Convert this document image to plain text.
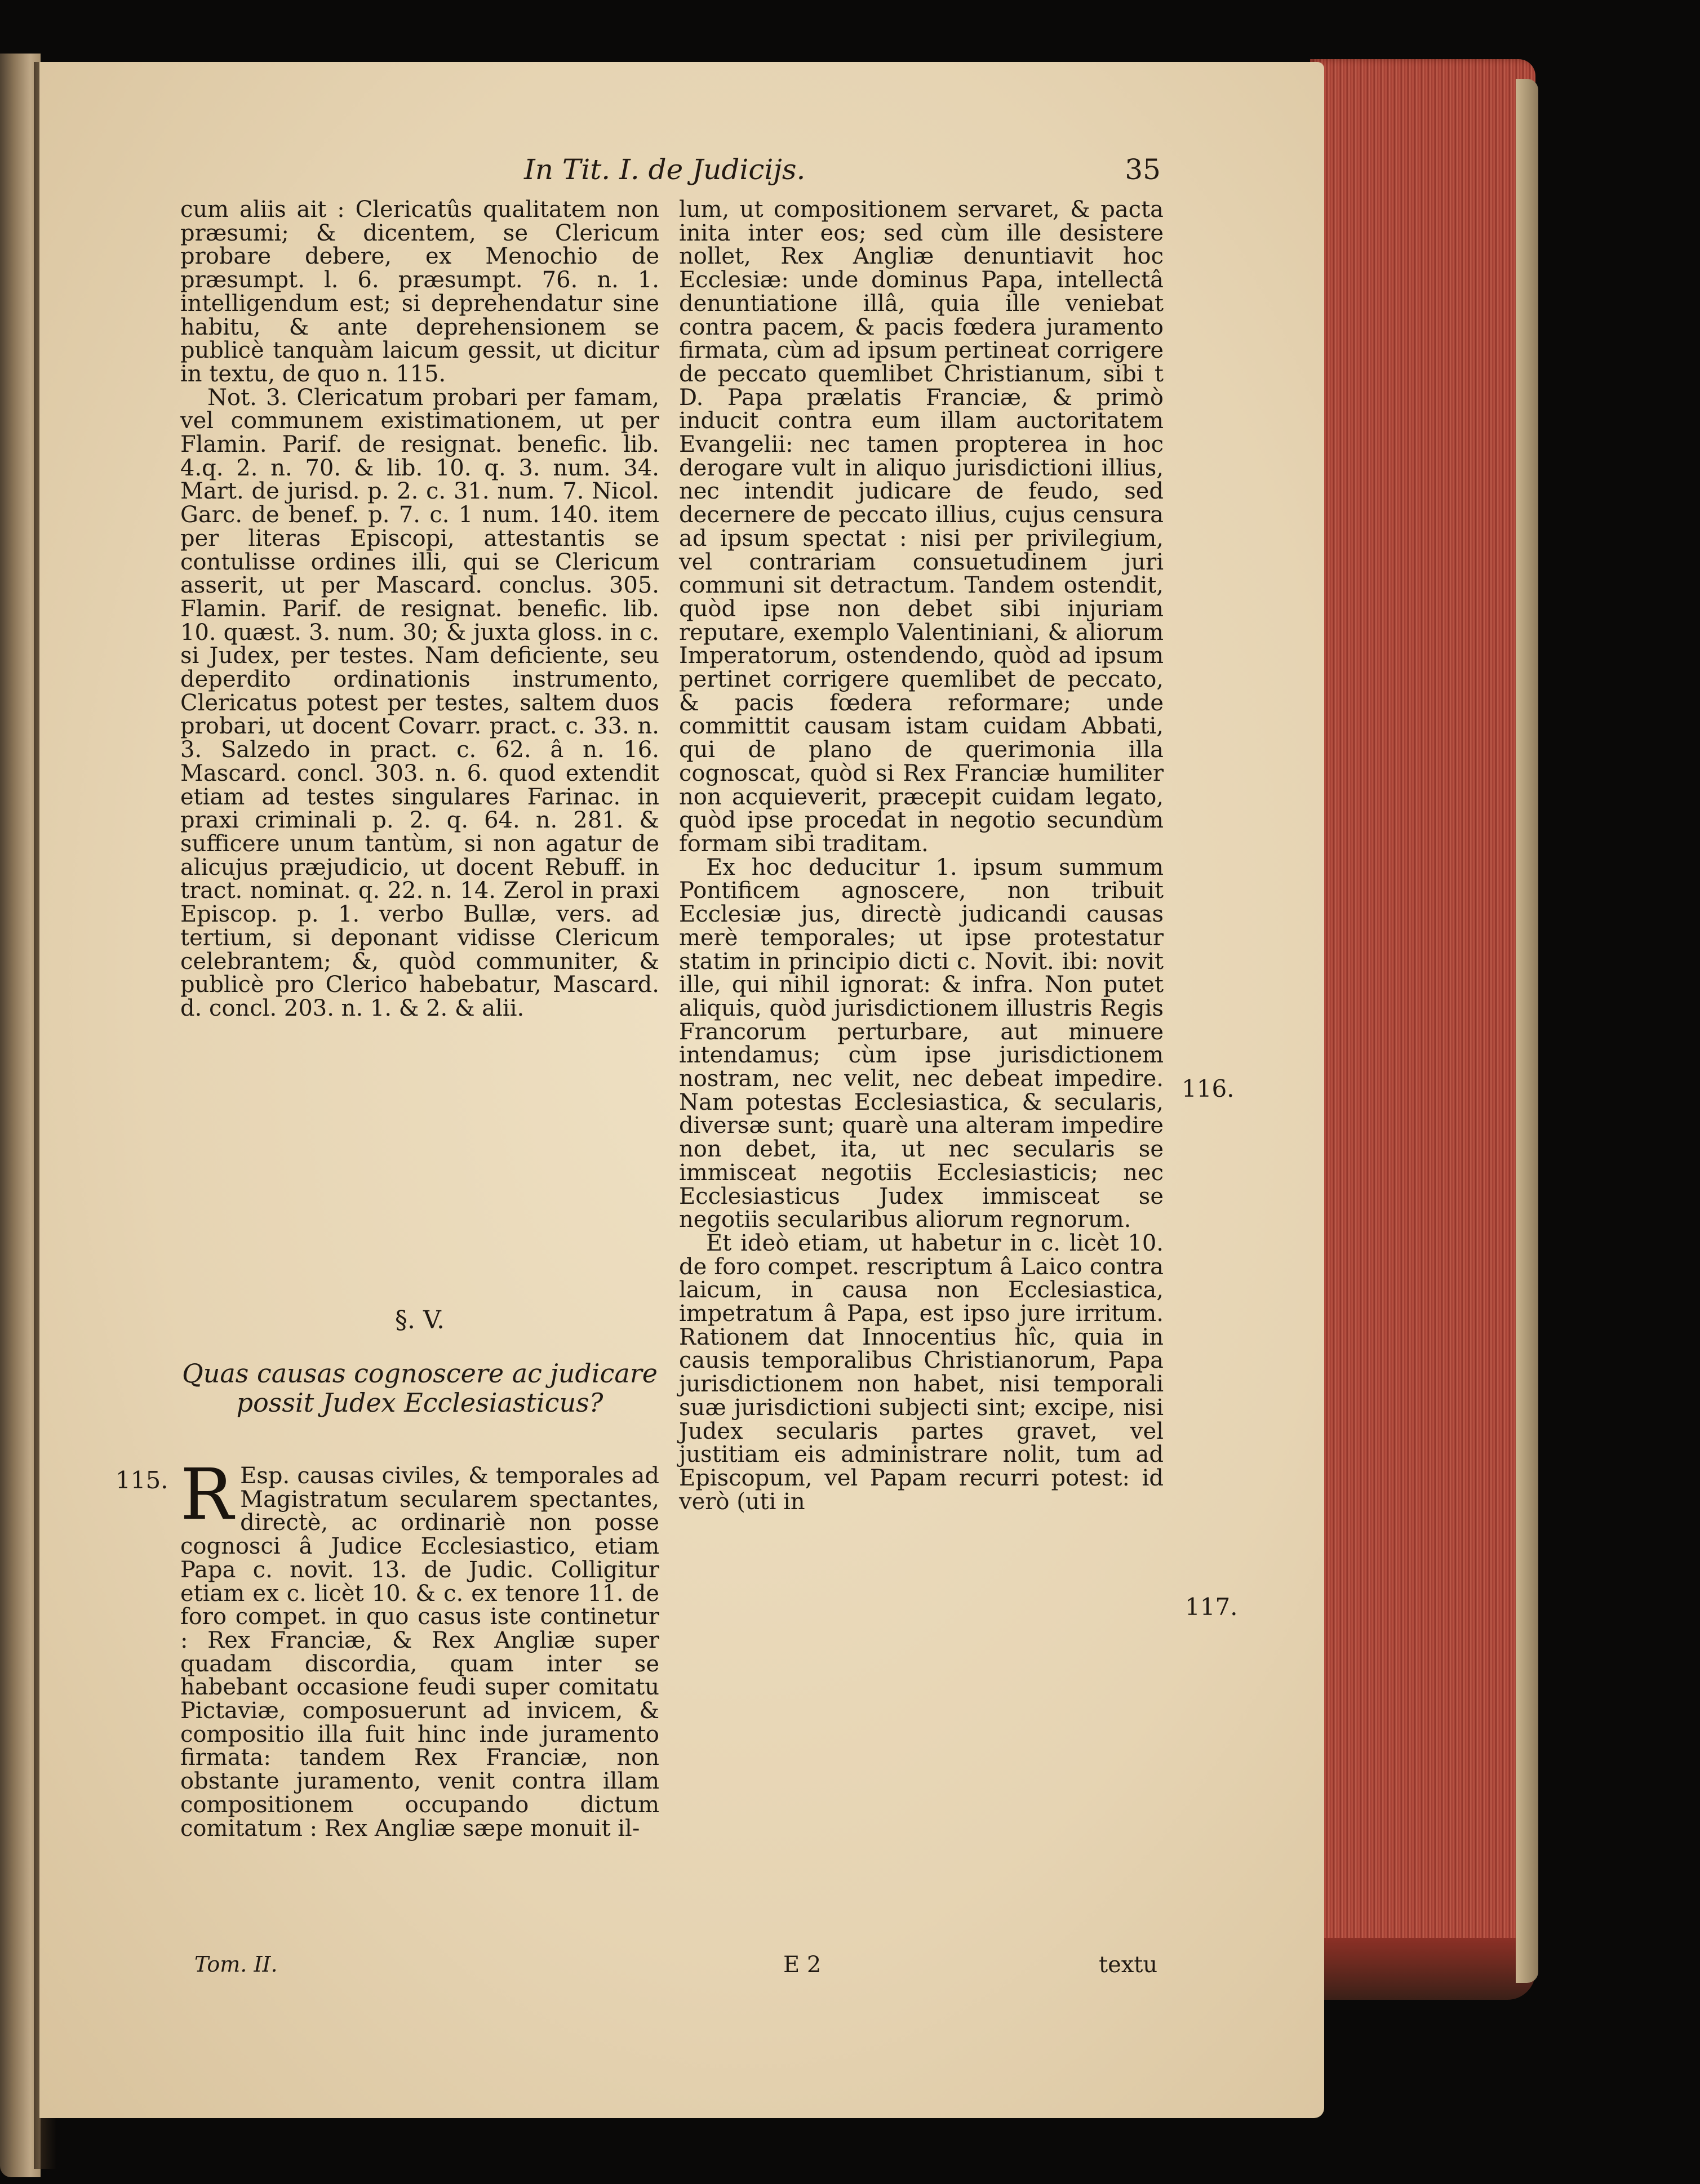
In Tit. I. de Judicijs.	35

cum aliis ait : Clericatûs qualitatem non præsumi; & dicentem, se Clericum probare debere, ex Menochio de præsumpt. l. 6. præsumpt. 76. n. 1. intelligendum est; si deprehendatur sine habitu, & ante deprehensionem se publicè tanquàm laicum gessit, ut dicitur in textu, de quo n. 115.

Not. 3. Clericatum probari per famam, vel communem existimationem, ut per Flamin. Parif. de resignat. benefic. lib. 4.q. 2. n. 70. & lib. 10. q. 3. num. 34. Mart. de jurisd. p. 2. c. 31. num. 7. Nicol. Garc. de benef. p. 7. c. 1 num. 140. item per literas Episcopi, attestantis se contulisse ordines illi, qui se Clericum asserit, ut per Mascard. conclus. 305. Flamin. Parif. de resignat. benefic. lib. 10. quæst. 3. num. 30; & juxta gloss. in c. si Judex, per testes. Nam deficiente, seu deperdito ordinationis instrumento, Clericatus potest per testes, saltem duos probari, ut docent Covarr. pract. c. 33. n. 3. Salzedo in pract. c. 62. â n. 16. Mascard. concl. 303. n. 6. quod extendit etiam ad testes singulares Farinac. in praxi criminali p. 2. q. 64. n. 281. & sufficere unum tantùm, si non agatur de alicujus præjudicio, ut docent Rebuff. in tract. nominat. q. 22. n. 14. Zerol in praxi Episcop. p. 1. verbo Bullæ, vers. ad tertium, si deponant vidisse Clericum celebrantem; &, quòd communiter, & publicè pro Clerico habebatur, Mascard. d. concl. 203. n. 1. & 2. & alii.

§. V.
Quas causas cognoscere ac judicare possit Judex Ecclesiasticus?
115. R Esp. causas civiles, & temporales ad Magistratum secularem spectantes, directè, ac ordinariè non posse cognosci â Judice Ecclesiastico, etiam Papa c. novit. 13. de Judic. Colligitur etiam ex c. licèt 10. & c. ex tenore 11. de foro compet. in quo casus iste continetur : Rex Franciæ, & Rex Angliæ super quadam discordia, quam inter se habebant occasione feudi super comitatu Pictaviæ, composuerunt ad invicem, & compositio illa fuit hinc inde juramento firmata: tandem Rex Franciæ, non obstante juramento, venit contra illam compositionem occupando dictum comitatum : Rex Angliæ sæpe monuit il-

lum, ut compositionem servaret, & pacta inita inter eos; sed cùm ille desistere nollet, Rex Angliæ denuntiavit hoc Ecclesiæ: unde dominus Papa, intellectâ denuntiatione illâ, quia ille veniebat contra pacem, & pacis fœdera juramento firmata, cùm ad ipsum pertineat corrigere de peccato quemlibet Christianum, sibi t D. Papa prælatis Franciæ, & primò inducit contra eum illam auctoritatem Evangelii: nec tamen propterea in hoc derogare vult in aliquo jurisdictioni illius, nec intendit judicare de feudo, sed decernere de peccato illius, cujus censura ad ipsum spectat : nisi per privilegium, vel contrariam consuetudinem juri communi sit detractum. Tandem ostendit, quòd ipse non debet sibi injuriam reputare, exemplo Valentiniani, & aliorum Imperatorum, ostendendo, quòd ad ipsum pertinet corrigere quemlibet de peccato, & pacis fœdera reformare; unde committit causam istam cuidam Abbati, qui de plano de querimonia illa cognoscat, quòd si Rex Franciæ humiliter non acquieverit, præcepit cuidam legato, quòd ipse procedat in negotio secundùm formam sibi traditam.

Ex hoc deducitur 1. ipsum summum Pontificem agnoscere, non tribuit Ecclesiæ jus, directè judicandi causas merè temporales; ut ipse protestatur statim in principio dicti c. Novit. ibi: novit ille, qui nihil ignorat: & infra. Non putet aliquis, quòd jurisdictionem illustris Regis Francorum perturbare, aut minuere intendamus; cùm ipse jurisdictionem nostram, nec velit, nec debeat impedire. Nam potestas Ecclesiastica, & secularis, diversæ sunt; quarè una alteram impedire non debet, ita, ut nec secularis se immisceat negotiis Ecclesiasticis; nec Ecclesiasticus Judex immisceat se negotiis secularibus aliorum regnorum.

Et ideò etiam, ut habetur in c. licèt 10. de foro compet. rescriptum â Laico contra laicum, in causa non Ecclesiastica, impetratum â Papa, est ipso jure irritum. Rationem dat Innocentius hîc, quia in causis temporalibus Christianorum, Papa jurisdictionem non habet, nisi temporali suæ jurisdictioni subjecti sint; excipe, nisi Judex secularis partes gravet, vel justitiam eis administrare nolit, tum ad Episcopum, vel Papam recurri potest: id verò (uti in

116.
117.
Tom. II.	E 2	textu
